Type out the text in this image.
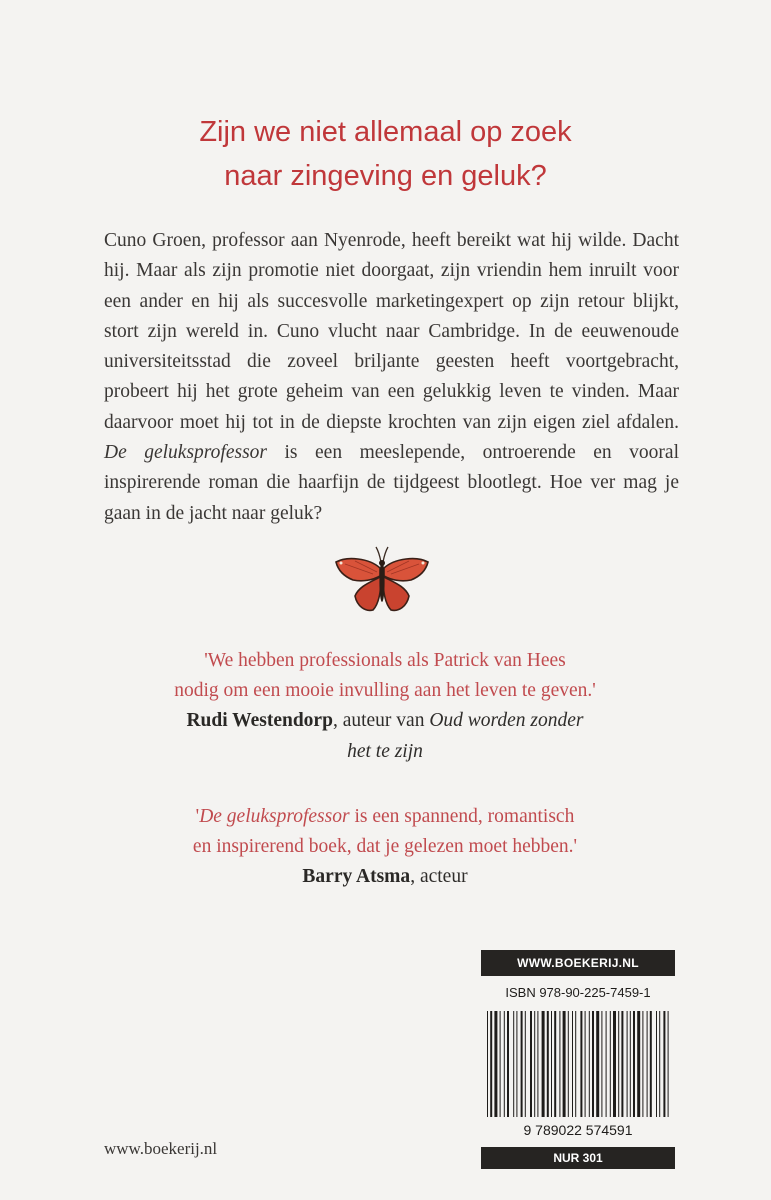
Zijn we niet allemaal op zoek
naar zingeving en geluk?

Cuno Groen, professor aan Nyenrode, heeft bereikt wat hij wilde. Dacht hij. Maar als zijn promotie niet doorgaat, zijn vriendin hem inruilt voor een ander en hij als succesvolle marketingexpert op zijn retour blijkt, stort zijn wereld in. Cuno vlucht naar Cambridge. In de eeuwenoude universiteitsstad die zoveel briljante geesten heeft voortgebracht, probeert hij het grote geheim van een gelukkig leven te vinden. Maar daarvoor moet hij tot in de diepste krochten van zijn eigen ziel afdalen. De geluksprofessor is een meeslepende, ontroerende en vooral inspirerende roman die haarfijn de tijdgeest blootlegt. Hoe ver mag je gaan in de jacht naar geluk?

'We hebben professionals als Patrick van Hees
nodig om een mooie invulling aan het leven te geven.'
Rudi Westendorp, auteur van Oud worden zonder
het te zijn
'De geluksprofessor is een spannend, romantisch
en inspirerend boek, dat je gelezen moet hebben.'
Barry Atsma, acteur
WWW.BOEKERIJ.NL
ISBN 978-90-225-7459-1
9 789022 574591
NUR 301
www.boekerij.nl
